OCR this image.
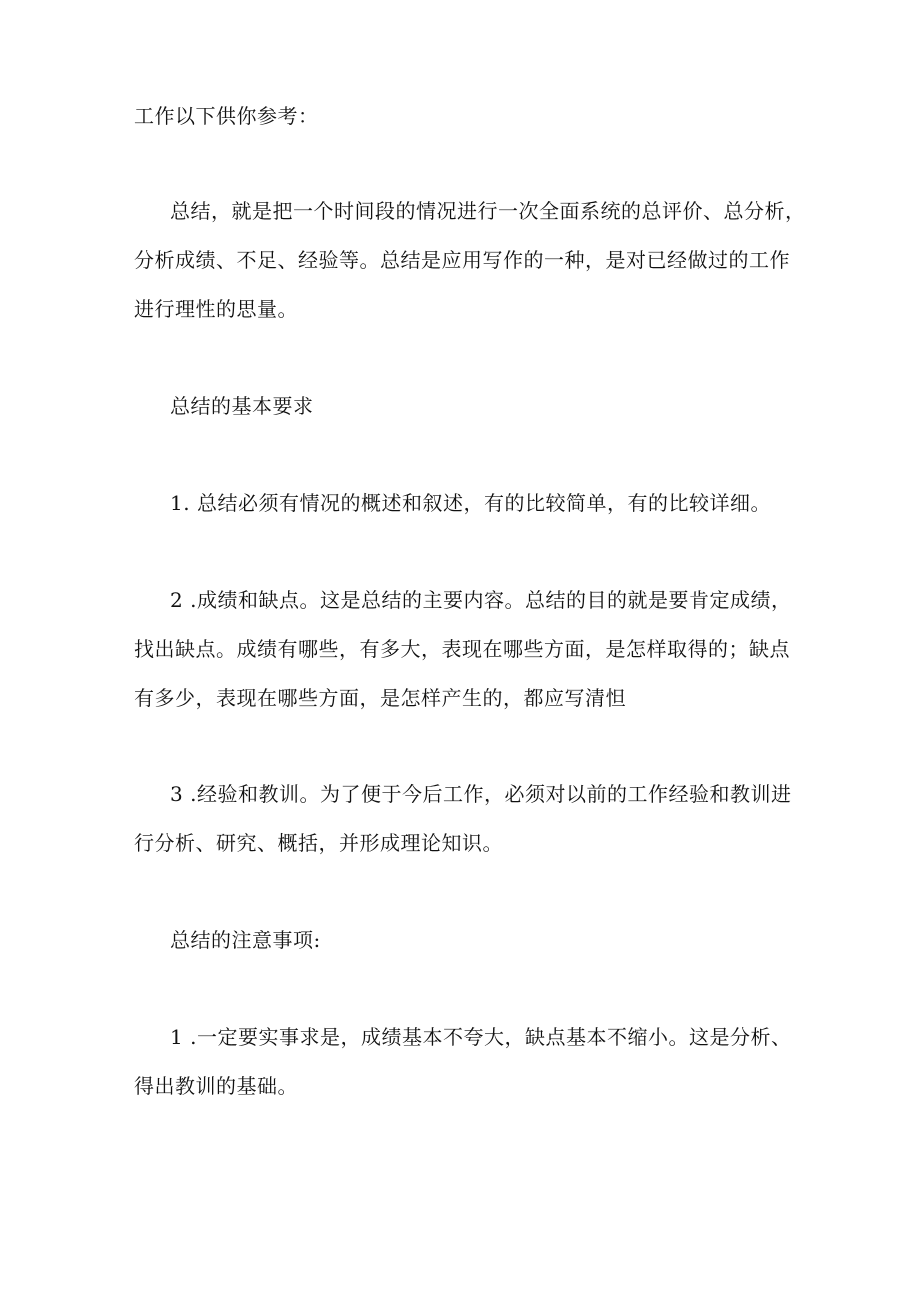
工作以下供你参考：
总结，就是把一个时间段的情况进行一次全面系统的总评价、总分析，
分析成绩、不足、经验等。总结是应用写作的一种，是对已经做过的工作
进行理性的思量。
总结的基本要求
1. 总结必须有情况的概述和叙述，有的比较简单，有的比较详细。
2 .成绩和缺点。这是总结的主要内容。总结的目的就是要肯定成绩，
找出缺点。成绩有哪些，有多大，表现在哪些方面，是怎样取得的；缺点
有多少，表现在哪些方面，是怎样产生的，都应写清怛
3 .经验和教训。为了便于今后工作，必须对以前的工作经验和教训进
行分析、研究、概括，并形成理论知识。
总结的注意事项:
1 .一定要实事求是，成绩基本不夸大，缺点基本不缩小。这是分析、
得出教训的基础。
